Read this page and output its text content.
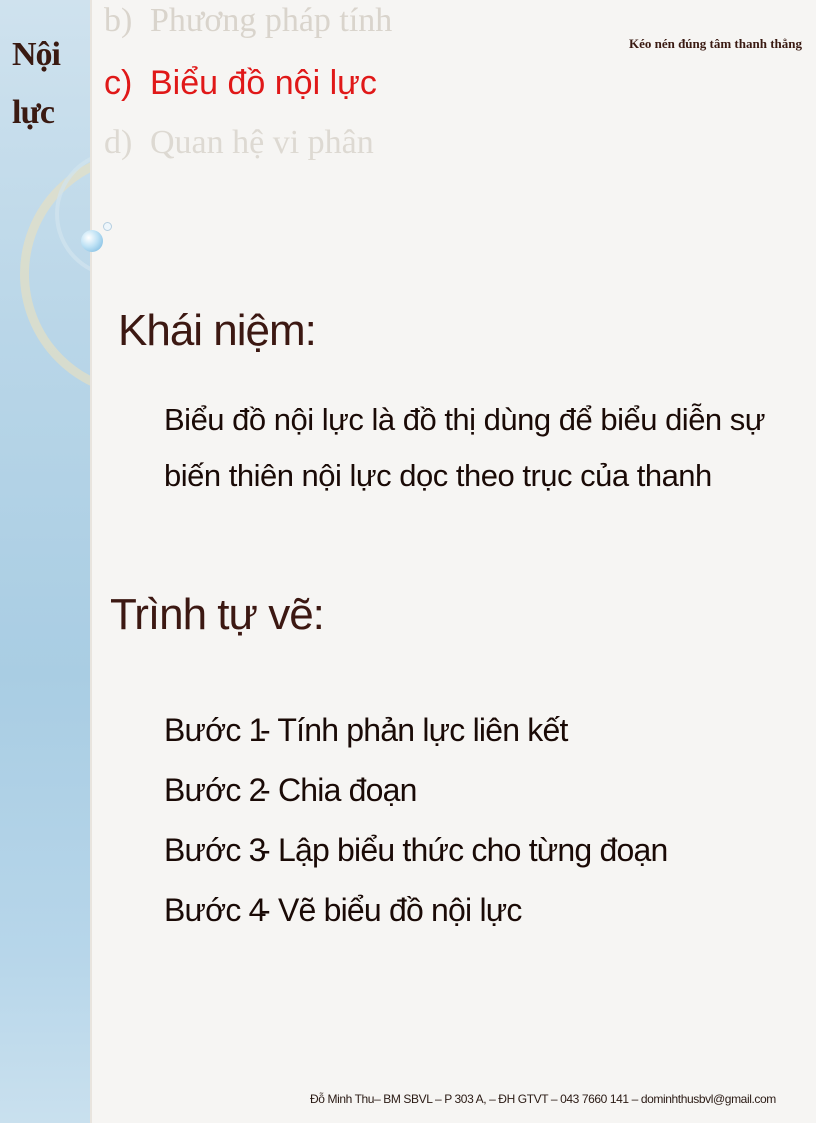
Nội
lực
b) Phương pháp tính
c) Biểu đồ nội lực
d) Quan hệ vi phân
Kéo nén đúng tâm thanh thẳng
Khái niệm:
Biểu đồ nội lực là đồ thị dùng để biểu diễn sự
biến thiên nội lực dọc theo trục của thanh
Trình tự vẽ:
Bước 1- Tính phản lực liên kết
Bước 2- Chia đoạn
Bước 3- Lập biểu thức cho từng đoạn
Bước 4- Vẽ biểu đồ nội lực
Đỗ Minh Thu– BM SBVL – P 303 A, – ĐH GTVT – 043 7660 141 – dominhthusbvl@gmail.com
